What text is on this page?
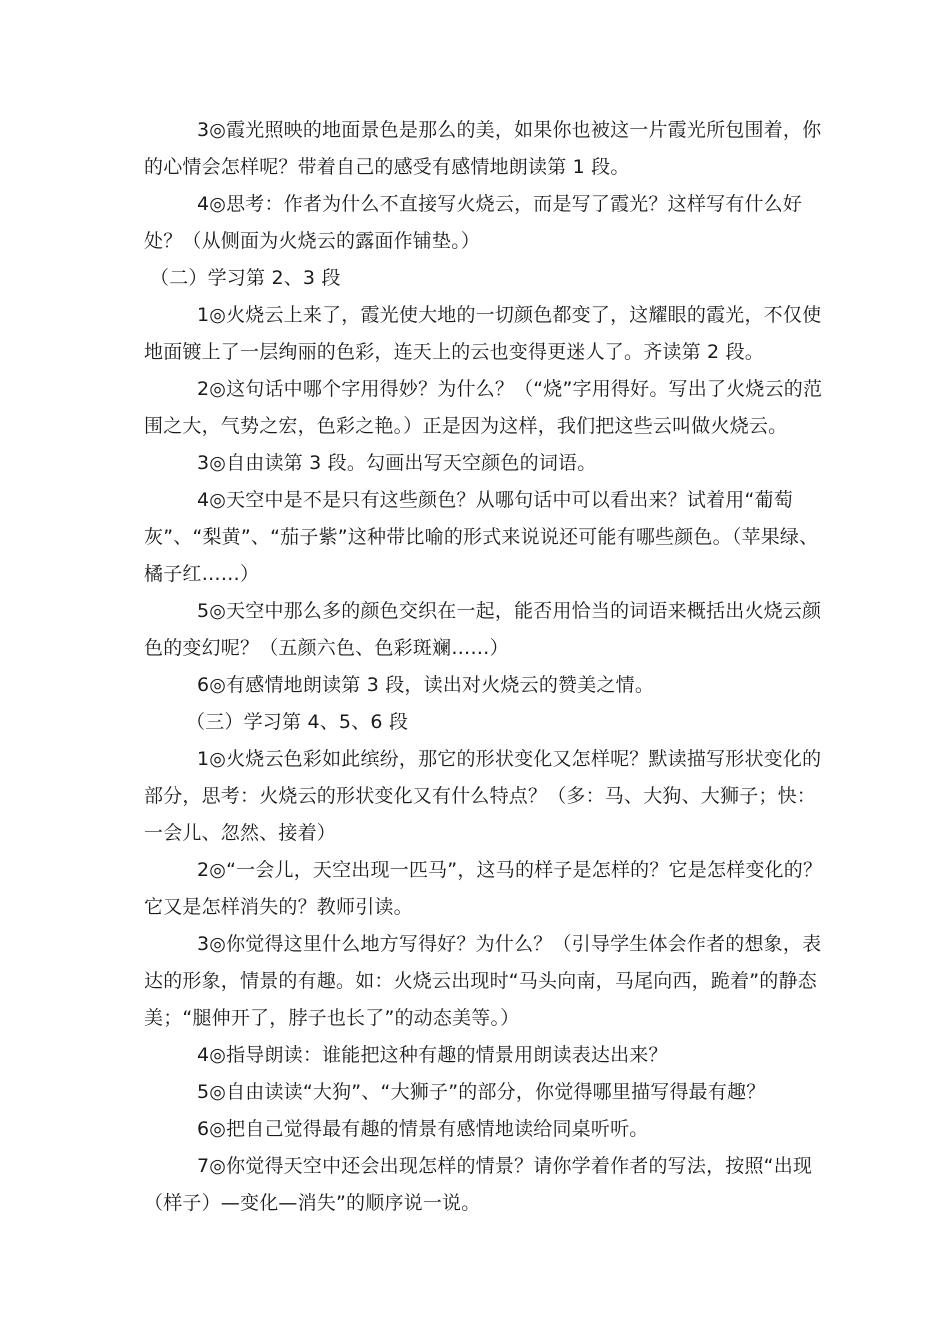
3◎霞光照映的地面景色是那么的美，如果你也被这一片霞光所包围着，你的心情会怎样呢？带着自己的感受有感情地朗读第 1 段。

4◎思考：作者为什么不直接写火烧云，而是写了霞光？这样写有什么好处？（从侧面为火烧云的露面作铺垫。）

（二）学习第 2、3 段

1◎火烧云上来了，霞光使大地的一切颜色都变了，这耀眼的霞光，不仅使地面镀上了一层绚丽的色彩，连天上的云也变得更迷人了。齐读第 2 段。

2◎这句话中哪个字用得妙？为什么？（“烧”字用得好。写出了火烧云的范围之大，气势之宏，色彩之艳。）正是因为这样，我们把这些云叫做火烧云。

3◎自由读第 3 段。勾画出写天空颜色的词语。

4◎天空中是不是只有这些颜色？从哪句话中可以看出来？试着用“葡萄灰”、“梨黄”、“茄子紫”这种带比喻的形式来说说还可能有哪些颜色。（苹果绿、橘子红……）

5◎天空中那么多的颜色交织在一起，能否用恰当的词语来概括出火烧云颜色的变幻呢？（五颜六色、色彩斑斓……）

6◎有感情地朗读第 3 段，读出对火烧云的赞美之情。

（三）学习第 4、5、6 段

1◎火烧云色彩如此缤纷，那它的形状变化又怎样呢？默读描写形状变化的部分，思考：火烧云的形状变化又有什么特点？（多：马、大狗、大狮子；快：一会儿、忽然、接着）

2◎“一会儿，天空出现一匹马”，这马的样子是怎样的？它是怎样变化的？它又是怎样消失的？教师引读。

3◎你觉得这里什么地方写得好？为什么？（引导学生体会作者的想象，表达的形象，情景的有趣。如：火烧云出现时“马头向南，马尾向西，跪着”的静态美；“腿伸开了，脖子也长了”的动态美等。）

4◎指导朗读：谁能把这种有趣的情景用朗读表达出来？

5◎自由读读“大狗”、“大狮子”的部分，你觉得哪里描写得最有趣？

6◎把自己觉得最有趣的情景有感情地读给同桌听听。

7◎你觉得天空中还会出现怎样的情景？请你学着作者的写法，按照“出现（样子）—变化—消失”的顺序说一说。
